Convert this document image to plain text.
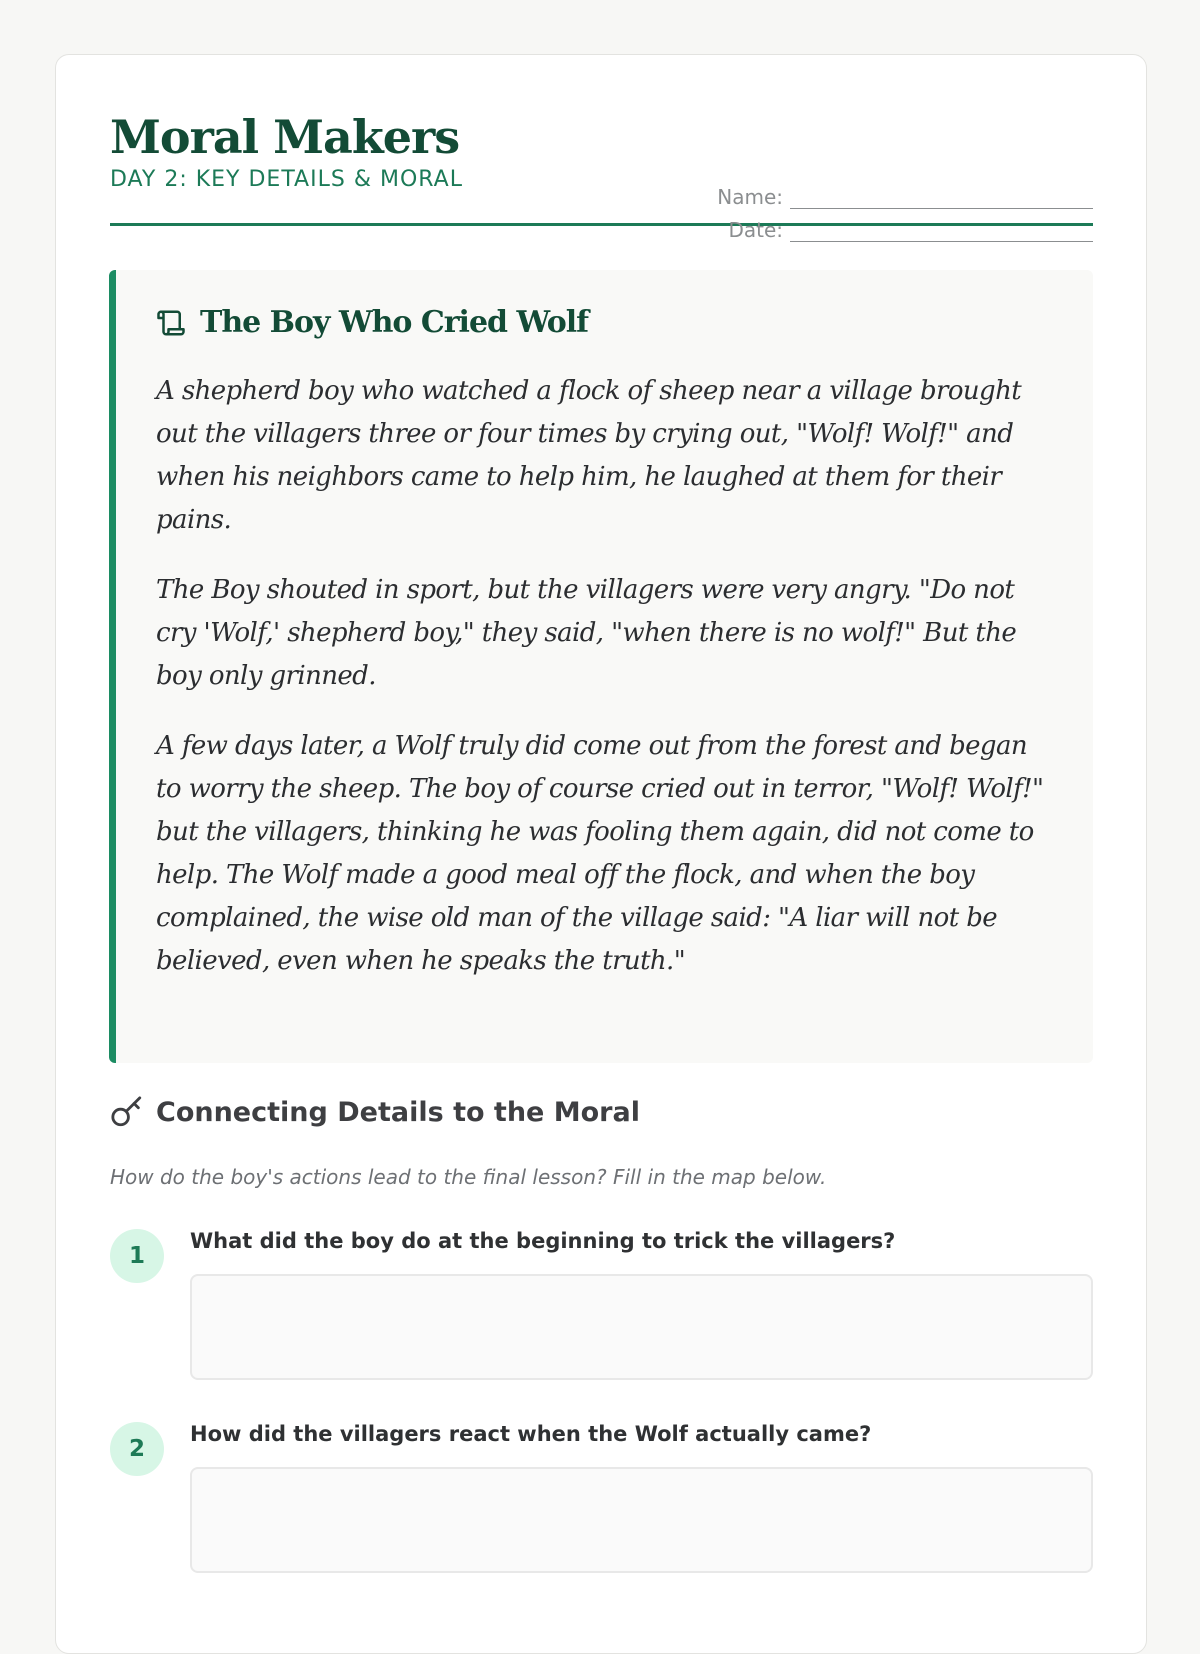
Moral Makers
DAY 2: KEY DETAILS & MORAL
Name:
Date:
The Boy Who Cried Wolf

A shepherd boy who watched a flock of sheep near a village brought out the villagers three or four times by crying out, "Wolf! Wolf!" and when his neighbors came to help him, he laughed at them for their pains.

The Boy shouted in sport, but the villagers were very angry. "Do not cry 'Wolf,' shepherd boy," they said, "when there is no wolf!" But the boy only grinned.

A few days later, a Wolf truly did come out from the forest and began to worry the sheep. The boy of course cried out in terror, "Wolf! Wolf!" but the villagers, thinking he was fooling them again, did not come to help. The Wolf made a good meal off the flock, and when the boy complained, the wise old man of the village said: "A liar will not be believed, even when he speaks the truth."

Connecting Details to the Moral
How do the boy's actions lead to the final lesson? Fill in the map below.
1
What did the boy do at the beginning to trick the villagers?
2
How did the villagers react when the Wolf actually came?
